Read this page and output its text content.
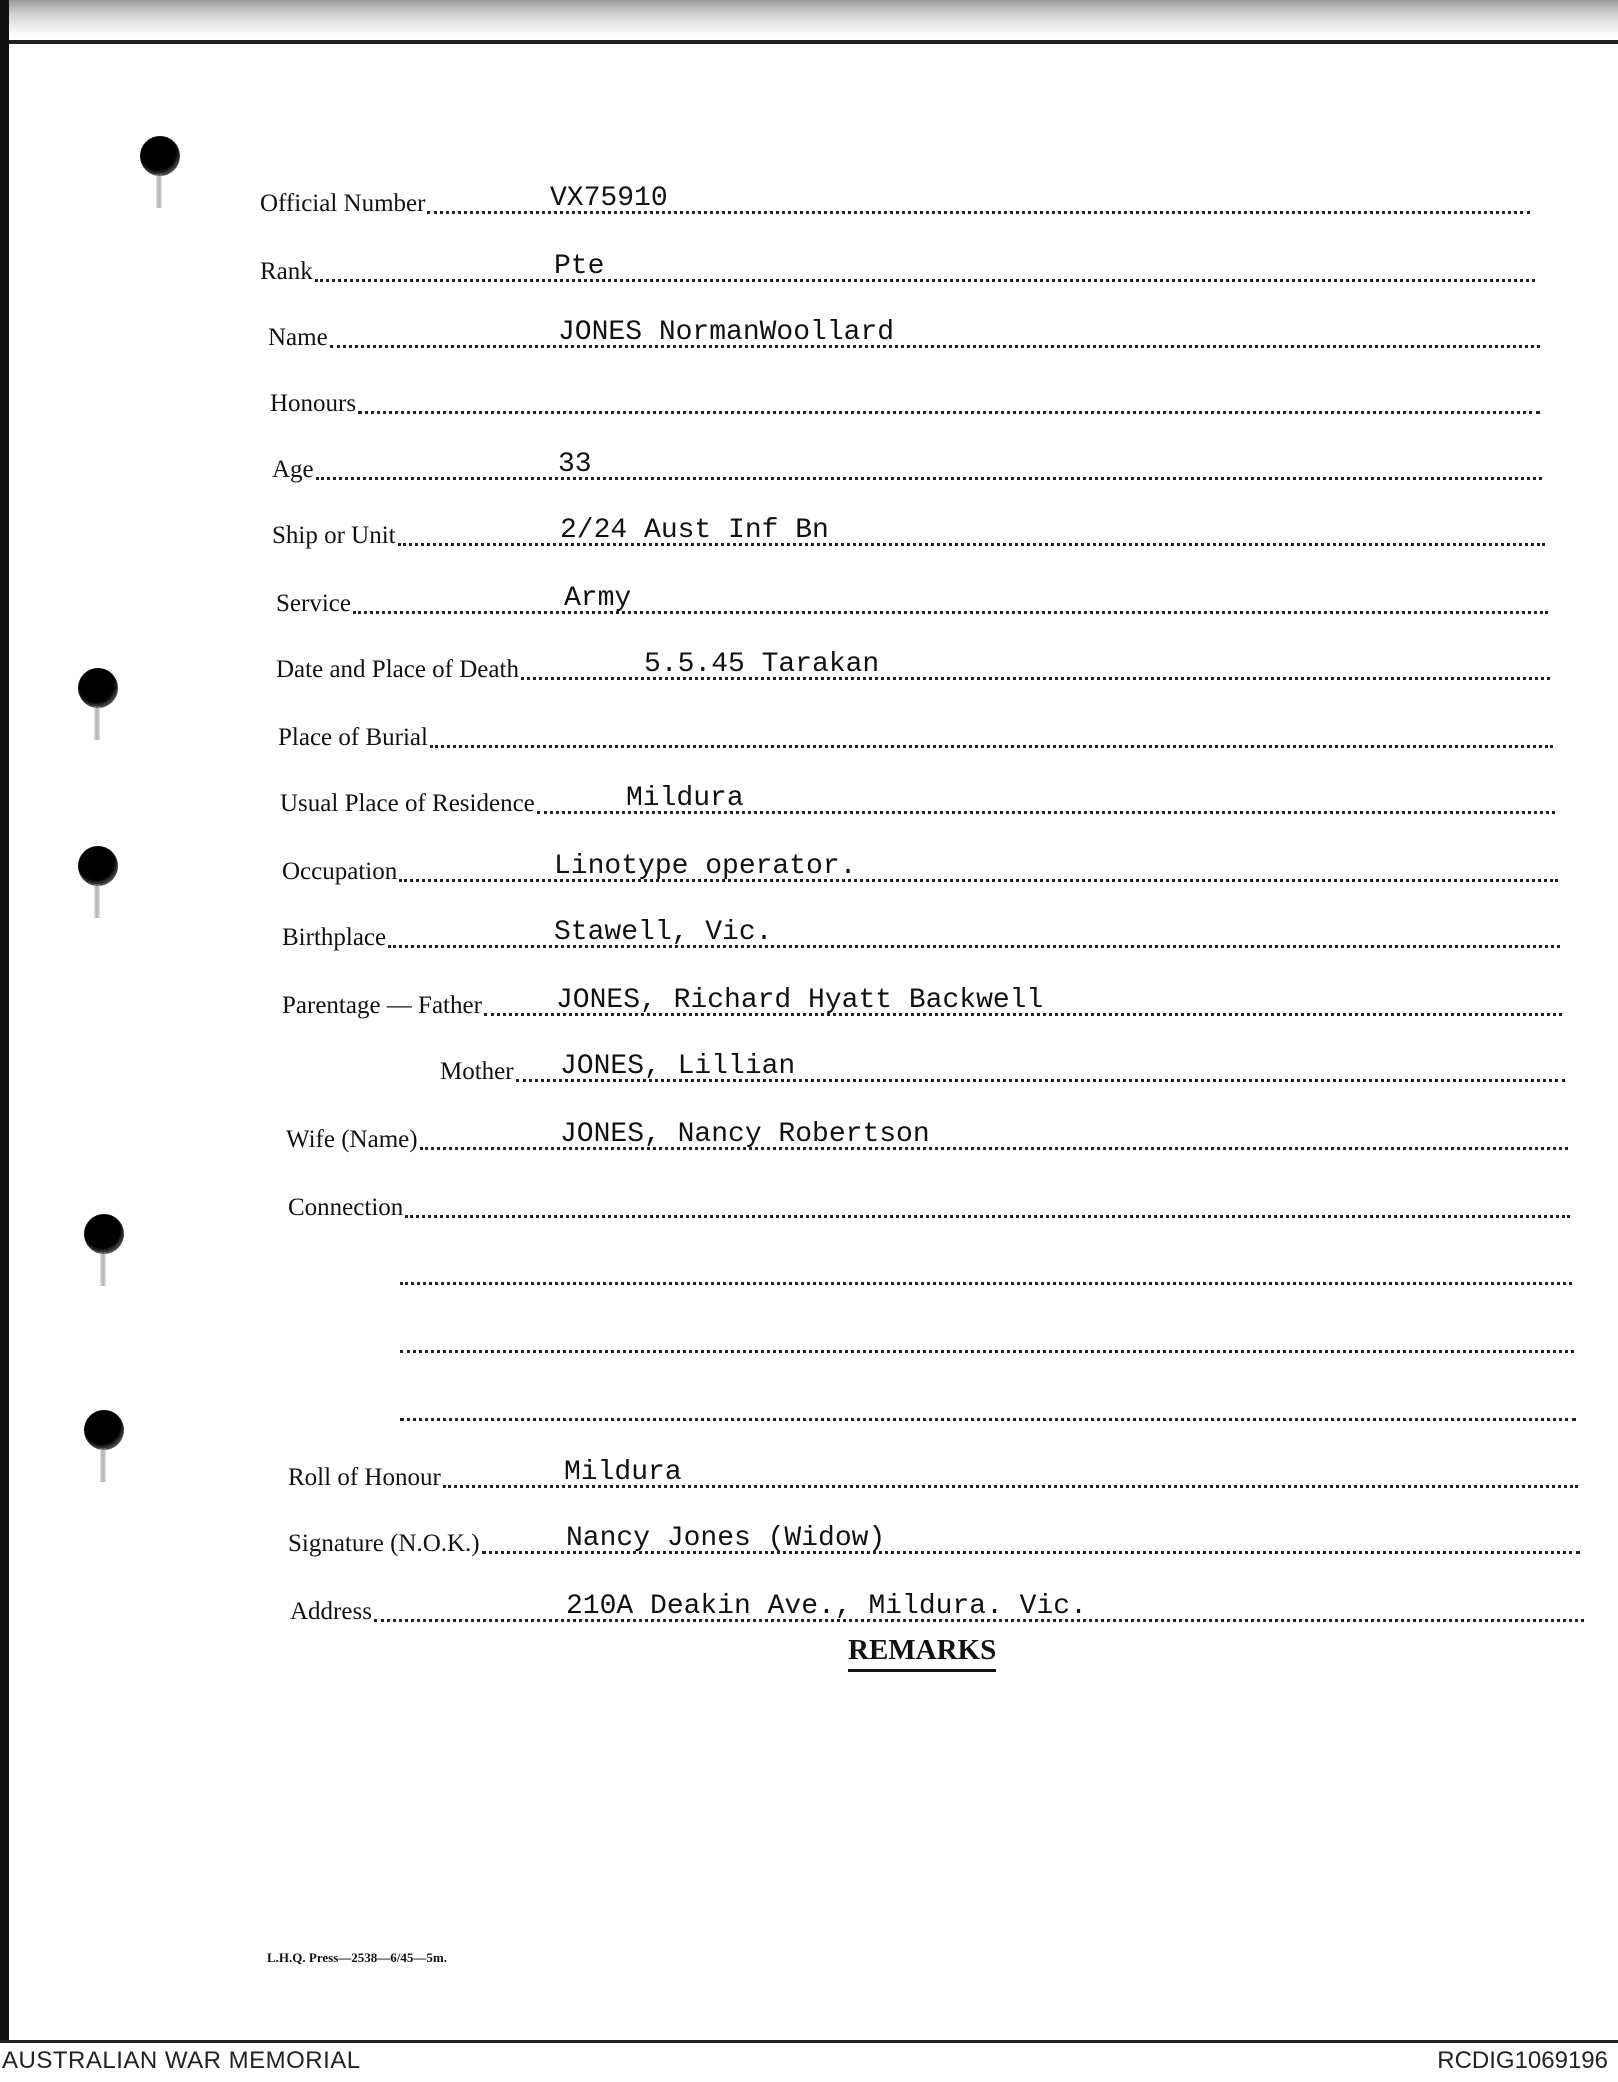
Official Number	VX75910
Rank	Pte
Name	JONES NormanWoollard
Honours
Age	33
Ship or Unit	2/24 Aust Inf Bn
Service	Army
Date and Place of Death	5.5.45 Tarakan
Place of Burial
Usual Place of Residence	Mildura
Occupation	Linotype operator.
Birthplace	Stawell, Vic.
Parentage — Father	JONES, Richard Hyatt Backwell
Mother JONES, Lillian
Wife (Name)	JONES, Nancy Robertson
Connection
Roll of Honour	Mildura
Signature (N.O.K.)	Nancy Jones (Widow)
Address	210A Deakin Ave., Mildura. Vic.
REMARKS
L.H.Q. Press—2538—6/45—5m.
AUSTRALIAN WAR MEMORIAL	RCDIG1069196
